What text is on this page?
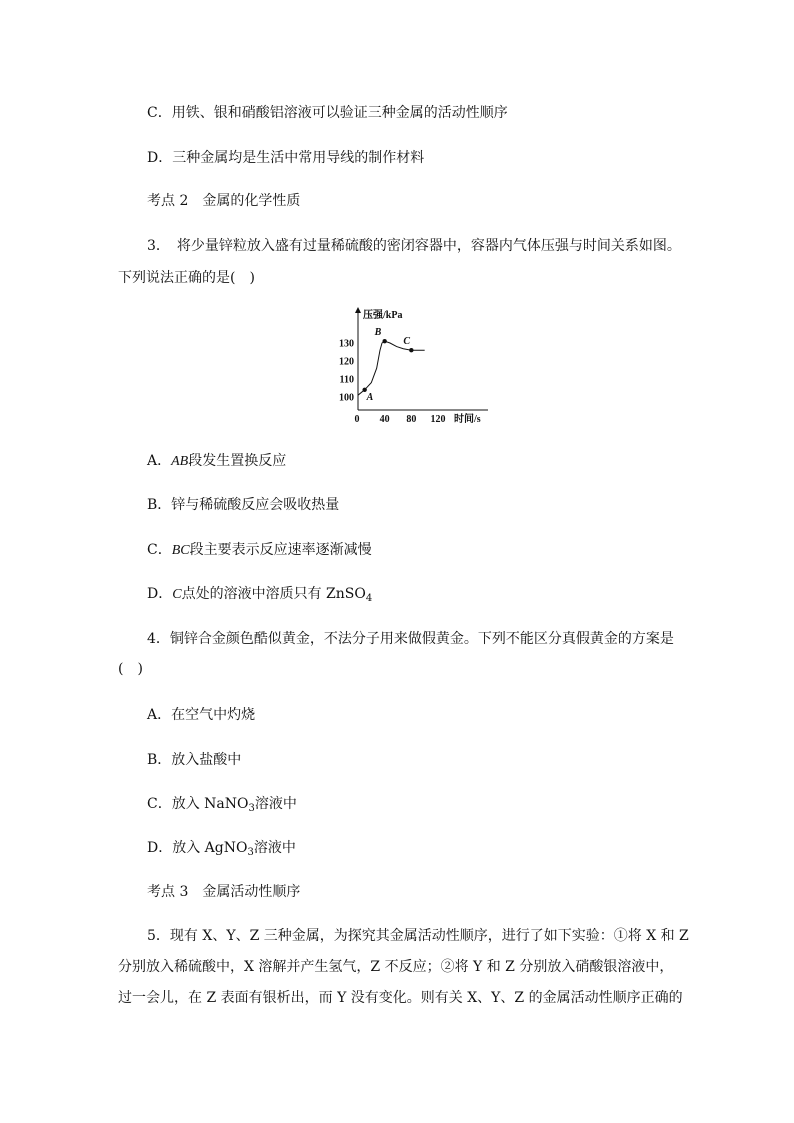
C．用铁、银和硝酸铝溶液可以验证三种金属的活动性顺序
D．三种金属均是生活中常用导线的制作材料
考点 2　金属的化学性质
3．　将少量锌粒放入盛有过量稀硫酸的密闭容器中，容器内气体压强与时间关系如图。
下列说法正确的是(　)
压强/kPa
时间/s
100
110
120
130
0 40 80 120
A
B
C
A．AB段发生置换反应
B．锌与稀硫酸反应会吸收热量
C．BC段主要表示反应速率逐渐减慢
D．C点处的溶液中溶质只有 ZnSO$_4$
4．铜锌合金颜色酷似黄金，不法分子用来做假黄金。下列不能区分真假黄金的方案是
(　)
A．在空气中灼烧
B．放入盐酸中
C．放入 NaNO$_3$溶液中
D．放入 AgNO$_3$溶液中
考点 3　金属活动性顺序
5．现有 X、Y、Z 三种金属，为探究其金属活动性顺序，进行了如下实验：①将 X 和 Z
分别放入稀硫酸中，X 溶解并产生氢气，Z 不反应；②将 Y 和 Z 分别放入硝酸银溶液中，
过一会儿，在 Z 表面有银析出，而 Y 没有变化。则有关 X、Y、Z 的金属活动性顺序正确的
